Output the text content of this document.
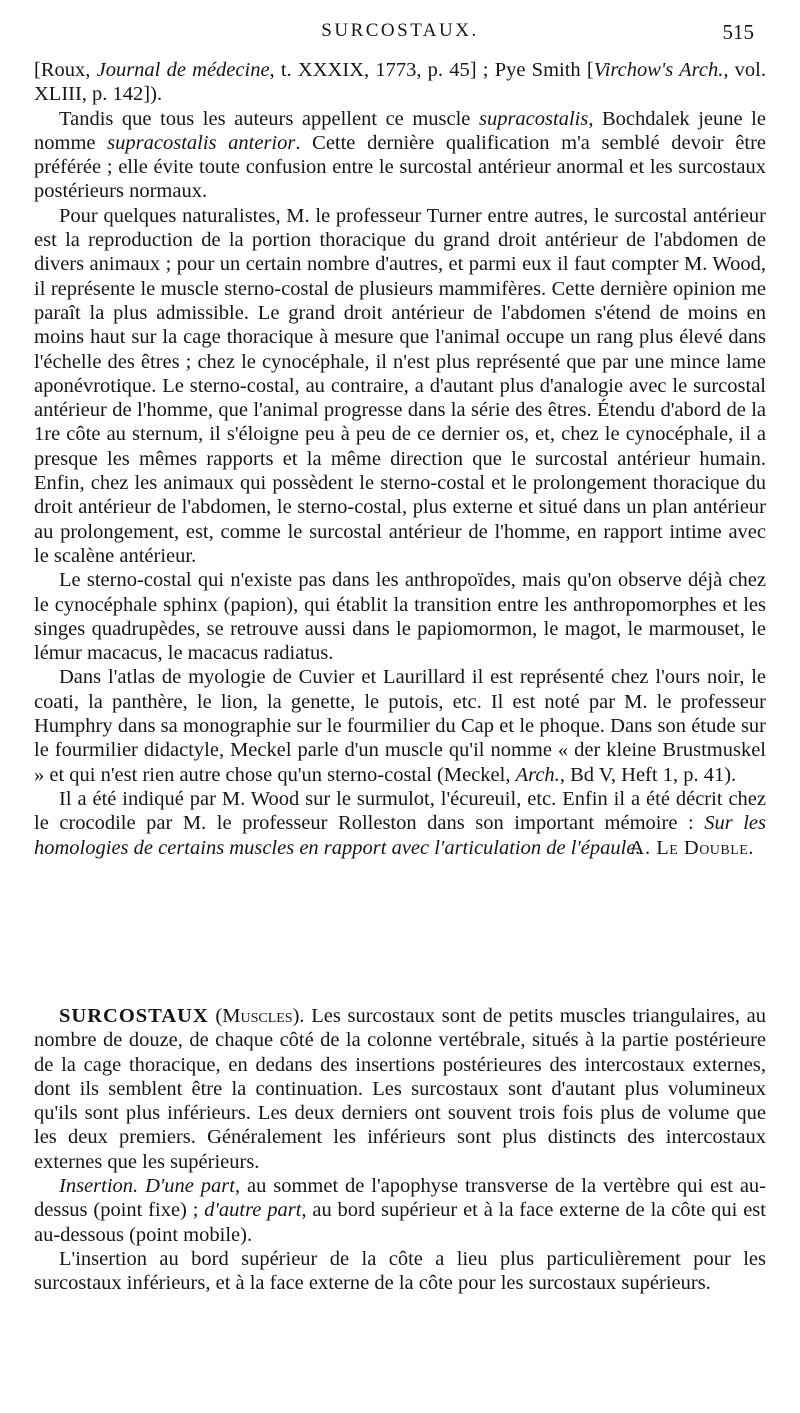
SURCOSTAUX.	515

[Roux, Journal de médecine, t. XXXIX, 1773, p. 45] ; Pye Smith [Virchow's Arch., vol. XLIII, p. 142]).

Tandis que tous les auteurs appellent ce muscle supracostalis, Bochdalek jeune le nomme supracostalis anterior. Cette dernière qualification m'a semblé devoir être préférée ; elle évite toute confusion entre le surcostal antérieur anormal et les surcostaux postérieurs normaux.

Pour quelques naturalistes, M. le professeur Turner entre autres, le surcostal antérieur est la reproduction de la portion thoracique du grand droit antérieur de l'abdomen de divers animaux ; pour un certain nombre d'autres, et parmi eux il faut compter M. Wood, il représente le muscle sterno-costal de plusieurs mammifères. Cette dernière opinion me paraît la plus admissible. Le grand droit antérieur de l'abdomen s'étend de moins en moins haut sur la cage thoracique à mesure que l'animal occupe un rang plus élevé dans l'échelle des êtres ; chez le cynocéphale, il n'est plus représenté que par une mince lame aponévrotique. Le sterno-costal, au contraire, a d'autant plus d'analogie avec le surcostal antérieur de l'homme, que l'animal progresse dans la série des êtres. Étendu d'abord de la 1re côte au sternum, il s'éloigne peu à peu de ce dernier os, et, chez le cynocéphale, il a presque les mêmes rapports et la même direction que le surcostal antérieur humain. Enfin, chez les animaux qui possèdent le sterno-costal et le prolongement thoracique du droit antérieur de l'abdomen, le sterno-costal, plus externe et situé dans un plan antérieur au prolongement, est, comme le surcostal antérieur de l'homme, en rapport intime avec le scalène antérieur.

Le sterno-costal qui n'existe pas dans les anthropoïdes, mais qu'on observe déjà chez le cynocéphale sphinx (papion), qui établit la transition entre les anthropomorphes et les singes quadrupèdes, se retrouve aussi dans le papiomormon, le magot, le marmouset, le lémur macacus, le macacus radiatus.

Dans l'atlas de myologie de Cuvier et Laurillard il est représenté chez l'ours noir, le coati, la panthère, le lion, la genette, le putois, etc. Il est noté par M. le professeur Humphry dans sa monographie sur le fourmilier du Cap et le phoque. Dans son étude sur le fourmilier didactyle, Meckel parle d'un muscle qu'il nomme « der kleine Brustmuskel » et qui n'est rien autre chose qu'un sterno-costal (Meckel, Arch., Bd V, Heft 1, p. 41).

Il a été indiqué par M. Wood sur le surmulot, l'écureuil, etc. Enfin il a été décrit chez le crocodile par M. le professeur Rolleston dans son important mémoire : Sur les homologies de certains muscles en rapport avec l'articulation de l'épaule.
A. Le Double.

SURCOSTAUX (Muscles). Les surcostaux sont de petits muscles triangulaires, au nombre de douze, de chaque côté de la colonne vertébrale, situés à la partie postérieure de la cage thoracique, en dedans des insertions postérieures des intercostaux externes, dont ils semblent être la continuation. Les surcostaux sont d'autant plus volumineux qu'ils sont plus inférieurs. Les deux derniers ont souvent trois fois plus de volume que les deux premiers. Généralement les inférieurs sont plus distincts des intercostaux externes que les supérieurs.

Insertion. D'une part, au sommet de l'apophyse transverse de la vertèbre qui est au-dessus (point fixe) ; d'autre part, au bord supérieur et à la face externe de la côte qui est au-dessous (point mobile).

L'insertion au bord supérieur de la côte a lieu plus particulièrement pour les surcostaux inférieurs, et à la face externe de la côte pour les surcostaux supérieurs.
